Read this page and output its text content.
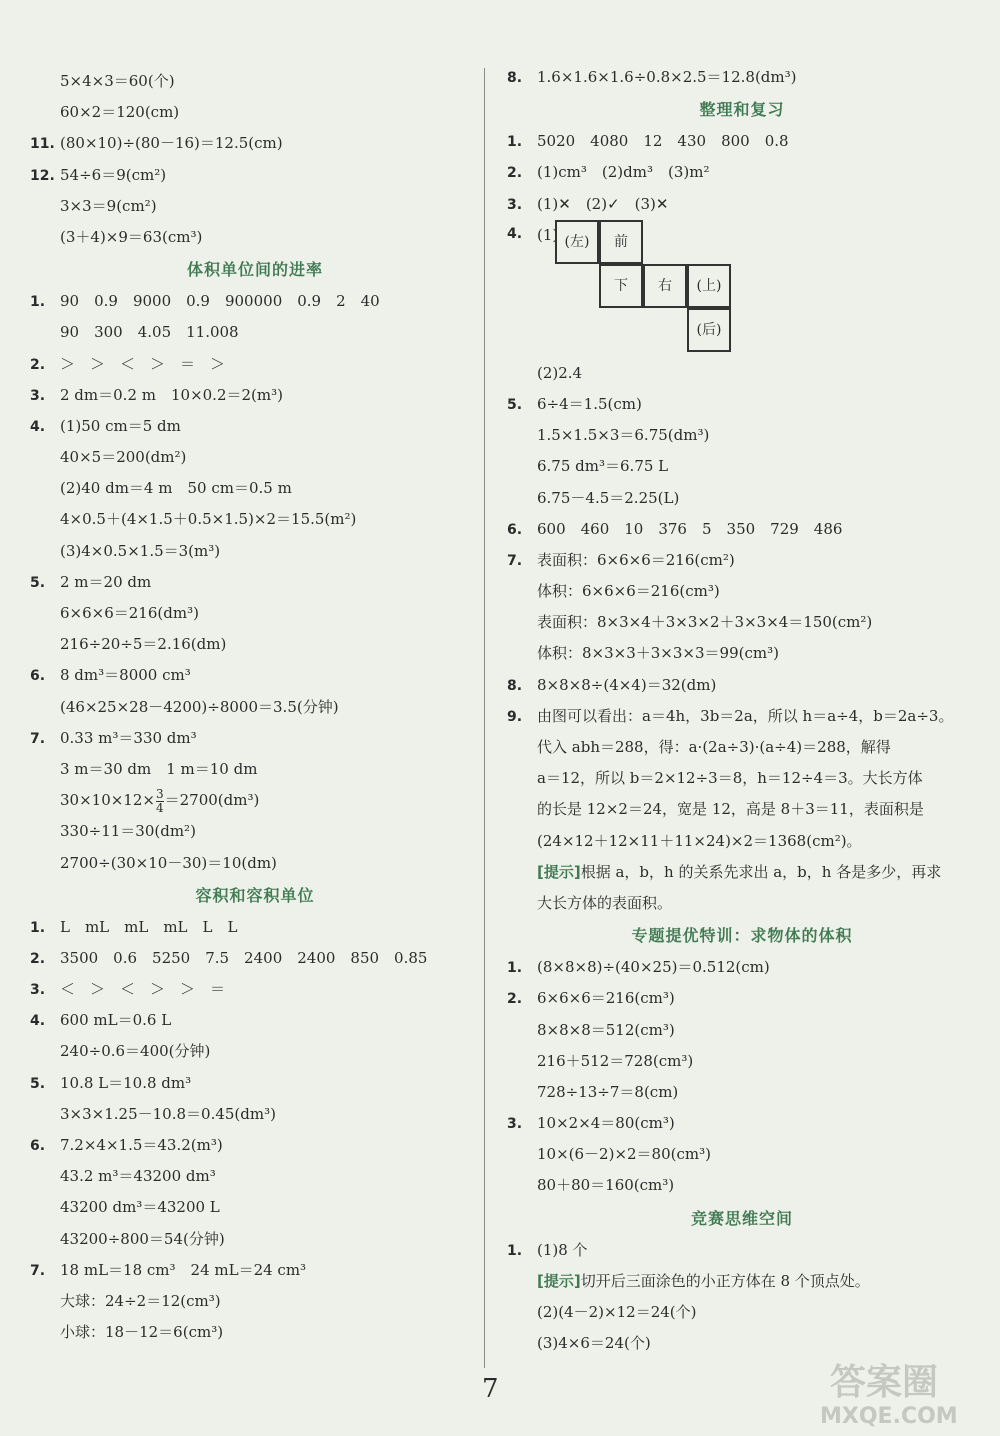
5×4×3＝60(个)
60×2＝120(cm)
11. (80×10)÷(80－16)＝12.5(cm)
12. 54÷6＝9(cm²)
3×3＝9(cm²)
(3＋4)×9＝63(cm³)
体积单位间的进率
1. 90　0.9　9000　0.9　900000　0.9　2　40
90　300　4.05　11.008
2. ＞　＞　＜　＞　＝　＞
3. 2 dm＝0.2 m　10×0.2＝2(m³)
4. (1)50 cm＝5 dm
40×5＝200(dm²)
(2)40 dm＝4 m　50 cm＝0.5 m
4×0.5＋(4×1.5＋0.5×1.5)×2＝15.5(m²)
(3)4×0.5×1.5＝3(m³)
5. 2 m＝20 dm
6×6×6＝216(dm³)
216÷20÷5＝2.16(dm)
6. 8 dm³＝8000 cm³
(46×25×28－4200)÷8000＝3.5(分钟)
7. 0.33 m³＝330 dm³
3 m＝30 dm　1 m＝10 dm
$30\times 10\times 12\times \frac{3}{4} =2700(dm^3)$
330÷11＝30(dm²)
2700÷(30×10－30)＝10(dm)
容积和容积单位
1. L　mL　mL　mL　L　L
2. 3500　0.6　5250　7.5　2400　2400　850　0.85
3. ＜　＞　＜　＞　＞　＝
4. 600 mL＝0.6 L
240÷0.6＝400(分钟)
5. 10.8 L＝10.8 dm³
3×3×1.25－10.8＝0.45(dm³)
6. 7.2×4×1.5＝43.2(m³)
43.2 m³＝43200 dm³
43200 dm³＝43200 L
43200÷800＝54(分钟)
7. 18 mL＝18 cm³　24 mL＝24 cm³
大球：24÷2＝12(cm³)
小球：18－12＝6(cm³)
8. 1.6×1.6×1.6÷0.8×2.5＝12.8(dm³)
整理和复习
1. 5020　4080　12　430　800　0.8
2. (1)cm³　(2)dm³　(3)m²
3. (1)✕　(2)✓　(3)✕
4. (1) (左)	前
下	右	(上)
(后)
(2)2.4
5. 6÷4＝1.5(cm)
1.5×1.5×3＝6.75(dm³)
6.75 dm³＝6.75 L
6.75－4.5＝2.25(L)
6. 600　460　10　376　5　350　729　486
7. 表面积：6×6×6＝216(cm²)
体积：6×6×6＝216(cm³)
表面积：8×3×4＋3×3×2＋3×3×4＝150(cm²)
体积：8×3×3＋3×3×3＝99(cm³)
8. 8×8×8÷(4×4)＝32(dm)
9. 由图可以看出：a＝4h，3b＝2a，所以 h＝a÷4，b＝2a÷3。
代入 abh＝288，得：a·(2a÷3)·(a÷4)＝288，解得
a＝12，所以 b＝2×12÷3＝8，h＝12÷4＝3。大长方体
的长是 12×2＝24，宽是 12，高是 8＋3＝11，表面积是
(24×12＋12×11＋11×24)×2＝1368(cm²)。
[提示]根据 a，b，h 的关系先求出 a，b，h 各是多少，再求
大长方体的表面积。
专题提优特训：求物体的体积
1. (8×8×8)÷(40×25)＝0.512(cm)
2. 6×6×6＝216(cm³)
8×8×8＝512(cm³)
216＋512＝728(cm³)
728÷13÷7＝8(cm)
3. 10×2×4＝80(cm³)
10×(6－2)×2＝80(cm³)
80＋80＝160(cm³)
竞赛思维空间
1. (1)8 个
[提示]切开后三面涂色的小正方体在 8 个顶点处。
(2)(4－2)×12＝24(个)
(3)4×6＝24(个)
7	答案圈
MXQE.COM
